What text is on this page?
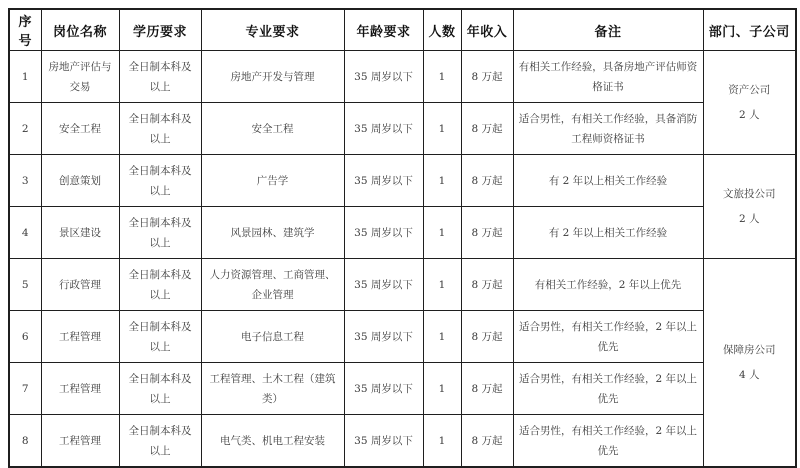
序号	岗位名称	学历要求	专业要求	年龄要求	人数	年收入	备注	部门、子公司
1	房地产评估与交易	全日制本科及以上	房地产开发与管理	35 周岁以下	1	8 万起	有相关工作经验，具备房地产评估师资格证书	资产公司
2 人

2	安全工程	全日制本科及以上	安全工程	35 周岁以下	1	8 万起	适合男性，有相关工作经验，具备消防工程师资格证书	
3	创意策划	全日制本科及以上	广告学	35 周岁以下	1	8 万起	有 2 年以上相关工作经验	文旅投公司
2 人

4	景区建设	全日制本科及以上	风景园林、建筑学	35 周岁以下	1	8 万起	有 2 年以上相关工作经验	
5	行政管理	全日制本科及以上	人力资源管理、工商管理、企业管理	35 周岁以下	1	8 万起	有相关工作经验，2 年以上优先	保障房公司
4 人

6	工程管理	全日制本科及以上	电子信息工程	35 周岁以下	1	8 万起	适合男性，有相关工作经验，2 年以上优先	
7	工程管理	全日制本科及以上	工程管理、土木工程（建筑类）	35 周岁以下	1	8 万起	适合男性，有相关工作经验，2 年以上优先	
8	工程管理	全日制本科及以上	电气类、机电工程安装	35 周岁以下	1	8 万起	适合男性，有相关工作经验，2 年以上优先	
